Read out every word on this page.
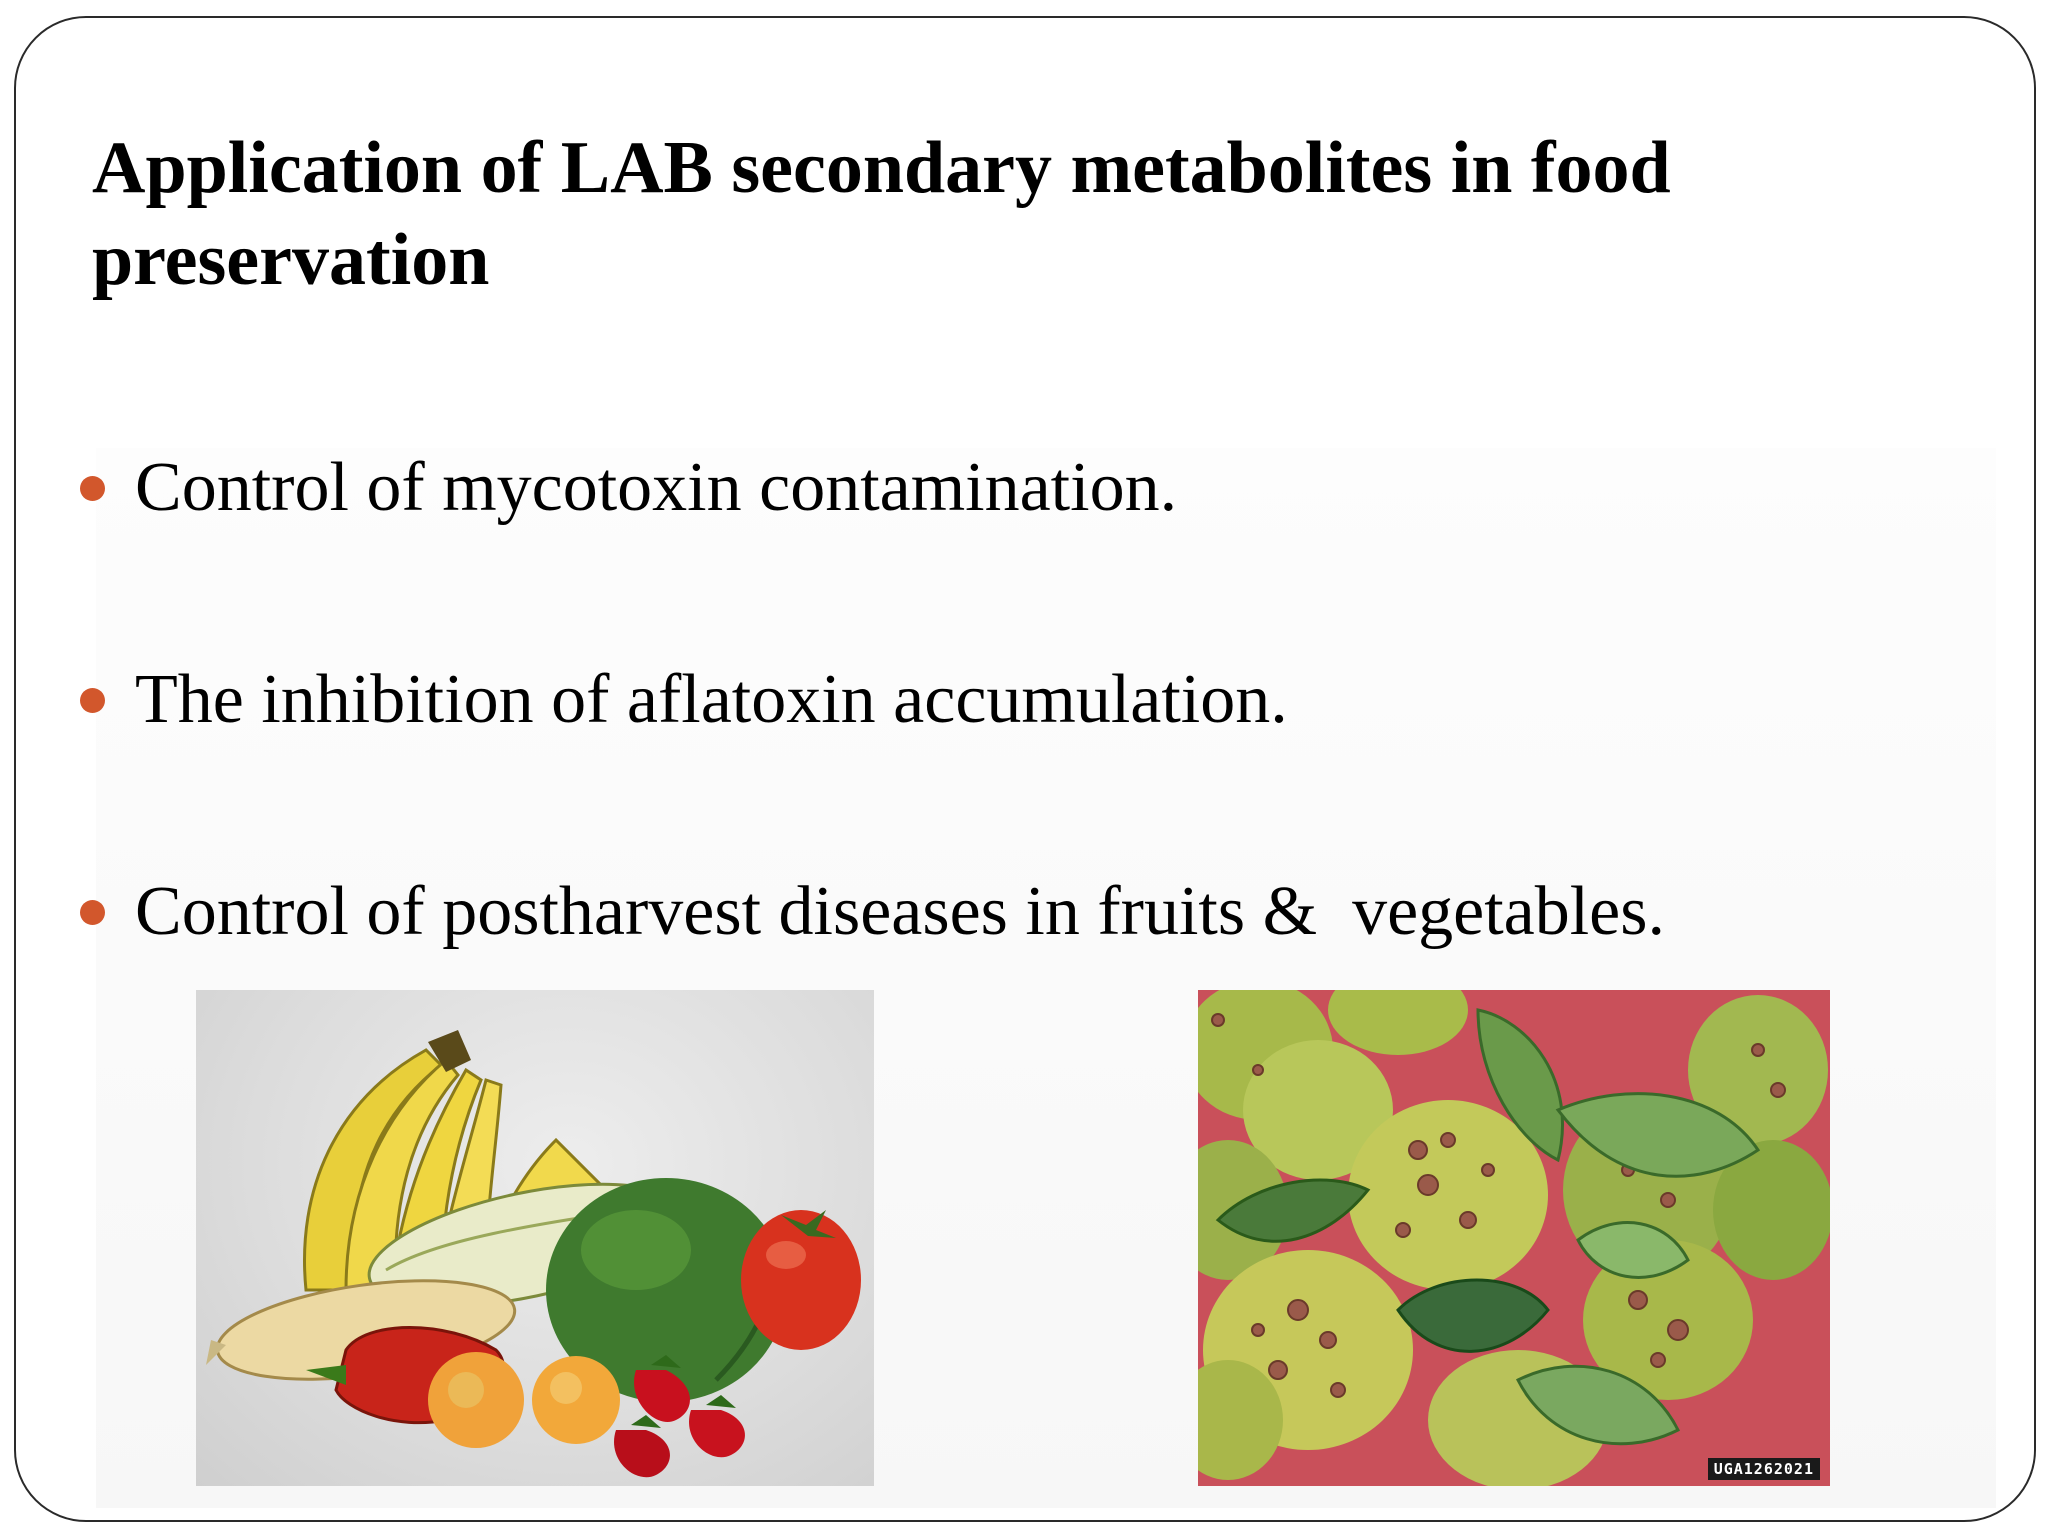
Application of LAB secondary metabolites in food
preservation
Control of mycotoxin contamination.
The inhibition of aflatoxin accumulation.
Control of postharvest diseases in fruits &  vegetables.
UGA1262021
